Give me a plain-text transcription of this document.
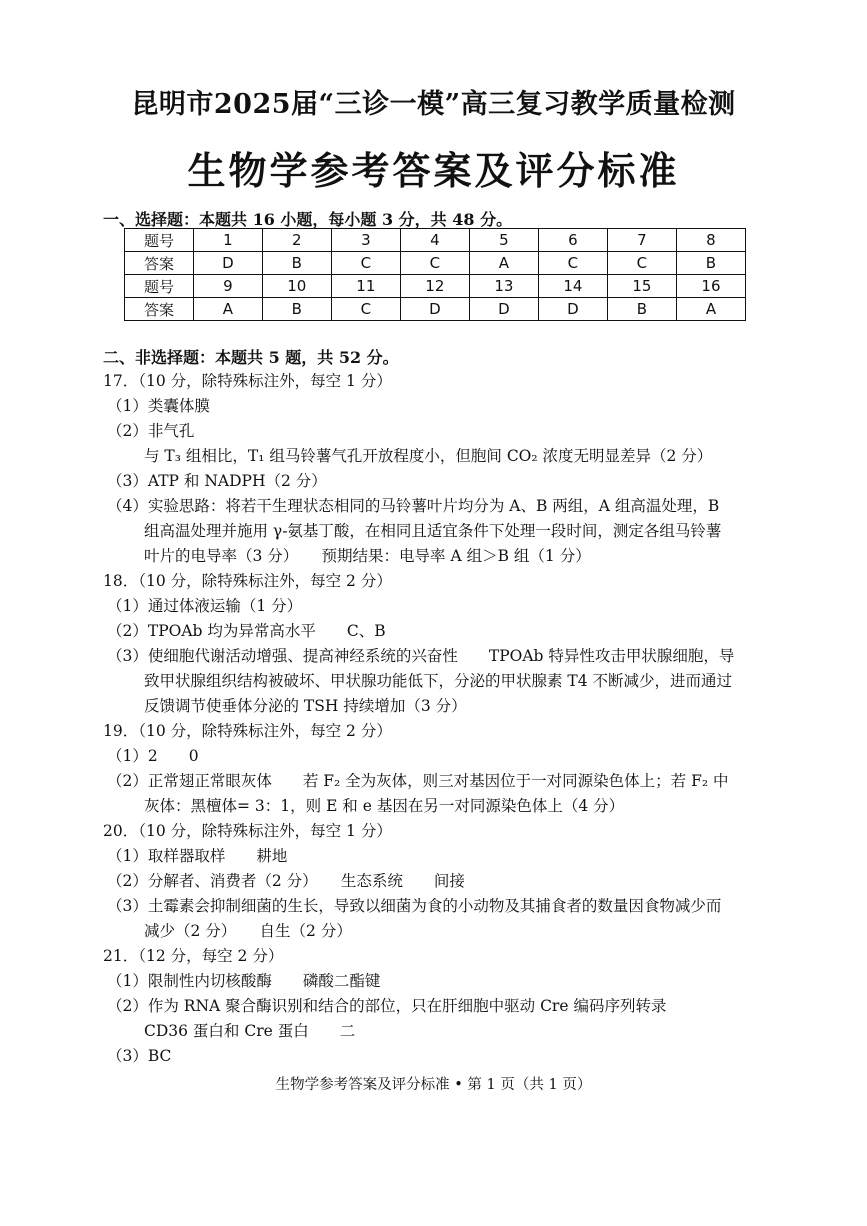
昆明市2025届“三诊一模”高三复习教学质量检测
生物学参考答案及评分标准
一、选择题：本题共 16 小题，每小题 3 分，共 48 分。
题号	1	2	3	4	5	6	7	8
答案	D	B	C	C	A	C	C	B
题号	9	10	11	12	13	14	15	16
答案	A	B	C	D	D	D	B	A
二、非选择题：本题共 5 题，共 52 分。
17．（10 分，除特殊标注外，每空 1 分）
（1）类囊体膜
（2）非气孔
与 T₃ 组相比，T₁ 组马铃薯气孔开放程度小，但胞间 CO₂ 浓度无明显差异（2 分）
（3）ATP 和 NADPH（2 分）
（4）实验思路：将若干生理状态相同的马铃薯叶片均分为 A、B 两组，A 组高温处理，B
组高温处理并施用 γ-氨基丁酸，在相同且适宜条件下处理一段时间，测定各组马铃薯
叶片的电导率（3 分）　　预期结果：电导率 A 组＞B 组（1 分）
18．（10 分，除特殊标注外，每空 2 分）
（1）通过体液运输（1 分）
（2）TPOAb 均为异常高水平　　C、B
（3）使细胞代谢活动增强、提高神经系统的兴奋性　　TPOAb 特异性攻击甲状腺细胞，导
致甲状腺组织结构被破坏、甲状腺功能低下，分泌的甲状腺素 T4 不断减少，进而通过
反馈调节使垂体分泌的 TSH 持续增加（3 分）
19．（10 分，除特殊标注外，每空 2 分）
（1）2　　0
（2）正常翅正常眼灰体　　若 F₂ 全为灰体，则三对基因位于一对同源染色体上；若 F₂ 中
灰体：黑檀体= 3：1，则 E 和 e 基因在另一对同源染色体上（4 分）
20．（10 分，除特殊标注外，每空 1 分）
（1）取样器取样　　耕地
（2）分解者、消费者（2 分）　　生态系统　　间接
（3）土霉素会抑制细菌的生长，导致以细菌为食的小动物及其捕食者的数量因食物减少而
减少（2 分）　　自生（2 分）
21．（12 分，每空 2 分）
（1）限制性内切核酸酶　　磷酸二酯键
（2）作为 RNA 聚合酶识别和结合的部位，只在肝细胞中驱动 Cre 编码序列转录
CD36 蛋白和 Cre 蛋白　　二
（3）BC
生物学参考答案及评分标准 • 第 1 页（共 1 页）
